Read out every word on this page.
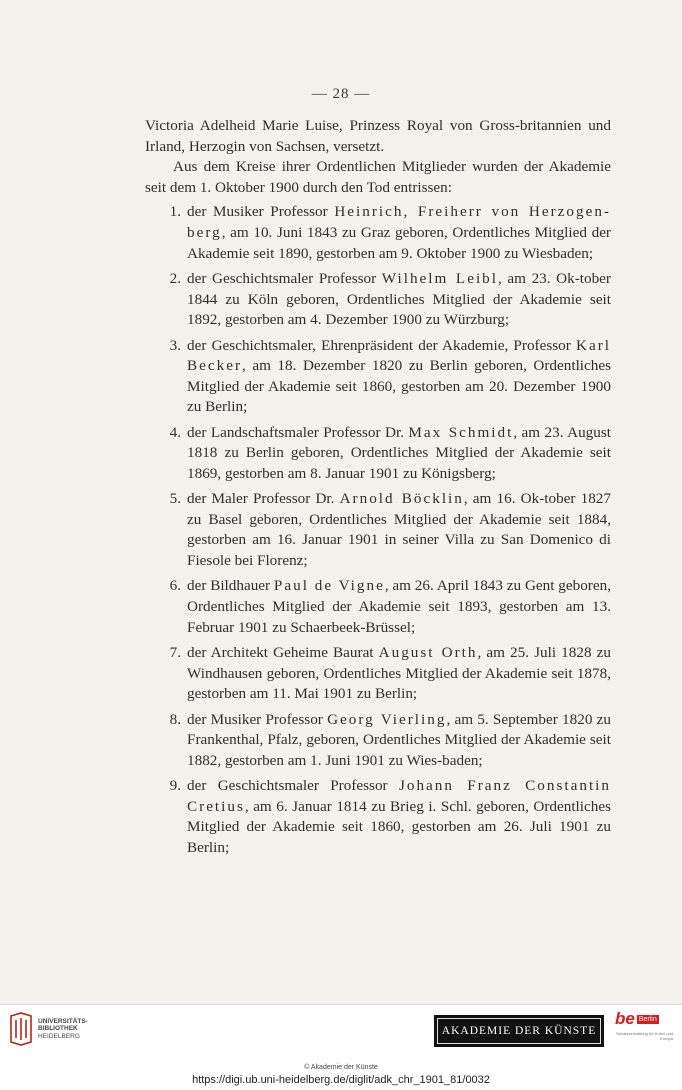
— 28 —

Victoria Adelheid Marie Luise, Prinzess Royal von Gross-britannien und Irland, Herzogin von Sachsen, versetzt.

Aus dem Kreise ihrer Ordentlichen Mitglieder wurden der Akademie seit dem 1. Oktober 1900 durch den Tod entrissen:

1. der Musiker Professor Heinrich, Freiherr von Herzogen-berg, am 10. Juni 1843 zu Graz geboren, Ordentliches Mitglied der Akademie seit 1890, gestorben am 9. Oktober 1900 zu Wiesbaden;
2. der Geschichtsmaler Professor Wilhelm Leibl, am 23. Ok-tober 1844 zu Köln geboren, Ordentliches Mitglied der Akademie seit 1892, gestorben am 4. Dezember 1900 zu Würzburg;
3. der Geschichtsmaler, Ehrenpräsident der Akademie, Professor Karl Becker, am 18. Dezember 1820 zu Berlin geboren, Ordentliches Mitglied der Akademie seit 1860, gestorben am 20. Dezember 1900 zu Berlin;
4. der Landschaftsmaler Professor Dr. Max Schmidt, am 23. August 1818 zu Berlin geboren, Ordentliches Mitglied der Akademie seit 1869, gestorben am 8. Januar 1901 zu Königsberg;
5. der Maler Professor Dr. Arnold Böcklin, am 16. Ok-tober 1827 zu Basel geboren, Ordentliches Mitglied der Akademie seit 1884, gestorben am 16. Januar 1901 in seiner Villa zu San Domenico di Fiesole bei Florenz;
6. der Bildhauer Paul de Vigne, am 26. April 1843 zu Gent geboren, Ordentliches Mitglied der Akademie seit 1893, gestorben am 13. Februar 1901 zu Schaerbeek-Brüssel;
7. der Architekt Geheime Baurat August Orth, am 25. Juli 1828 zu Windhausen geboren, Ordentliches Mitglied der Akademie seit 1878, gestorben am 11. Mai 1901 zu Berlin;
8. der Musiker Professor Georg Vierling, am 5. September 1820 zu Frankenthal, Pfalz, geboren, Ordentliches Mitglied der Akademie seit 1882, gestorben am 1. Juni 1901 zu Wies-baden;
9. der Geschichtsmaler Professor Johann Franz Constantin Cretius, am 6. Januar 1814 zu Brieg i. Schl. geboren, Ordentliches Mitglied der Akademie seit 1860, gestorben am 26. Juli 1901 zu Berlin;
UNIVERSITÄTS-
BIBLIOTHEK
HEIDELBERG	AKADEMIE DER KÜNSTE
be Berlin
Senatsverwaltung für Kultur und Europa
© Akademie der Künste
https://digi.ub.uni-heidelberg.de/diglit/adk_chr_1901_81/0032
